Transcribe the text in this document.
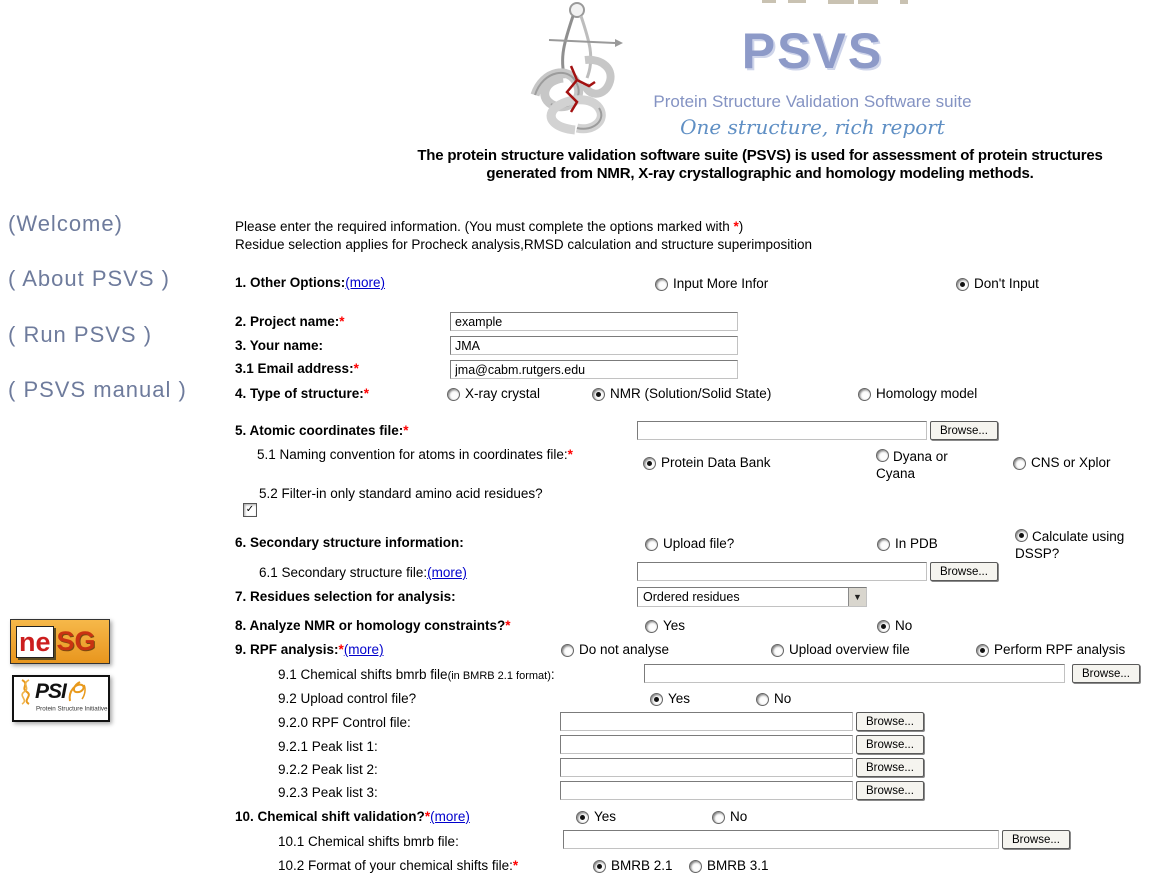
PSVS
Protein Structure Validation Software suite
One structure, rich report
The protein structure validation software suite (PSVS) is used for assessment of protein structures
generated from NMR, X-ray crystallographic and homology modeling methods.
(Welcome)
( About PSVS )
( Run PSVS )
( PSVS manual )
Please enter the required information. (You must complete the options marked with *)
Residue selection applies for Procheck analysis,RMSD calculation and structure superimposition
1. Other Options:(more)	Input More Infor	Don't Input
2. Project name:*
example
3. Your name:
JMA
3.1 Email address:*
jma@cabm.rutgers.edu
4. Type of structure:*	X-ray crystal	NMR (Solution/Solid State)	Homology model
5. Atomic coordinates file:*	Browse...
5.1 Naming convention for atoms in coordinates file:*
Protein Data Bank	Dyana or Cyana
CNS or Xplor
5.2 Filter-in only standard amino acid residues?
✓
6. Secondary structure information:	Upload file?	In PDB	Calculate using DSSP?
6.1 Secondary structure file:(more)	Browse...
7. Residues selection for analysis:	Ordered residues	▼
8. Analyze NMR or homology constraints?*	Yes	No
9. RPF analysis:*(more)	Do not analyse	Upload overview file	Perform RPF analysis
9.1 Chemical shifts bmrb file(in BMRB 2.1 format):	Browse...
9.2 Upload control file?	Yes	No
9.2.0 RPF Control file:	Browse...
9.2.1 Peak list 1:	Browse...
9.2.2 Peak list 2:	Browse...
9.2.3 Peak list 3:	Browse...
10. Chemical shift validation?*(more)	Yes	No
10.1 Chemical shifts bmrb file:	Browse...
10.2 Format of your chemical shifts file:*	BMRB 2.1	BMRB 3.1
ne SG
PSI
Protein Structure Initiative
